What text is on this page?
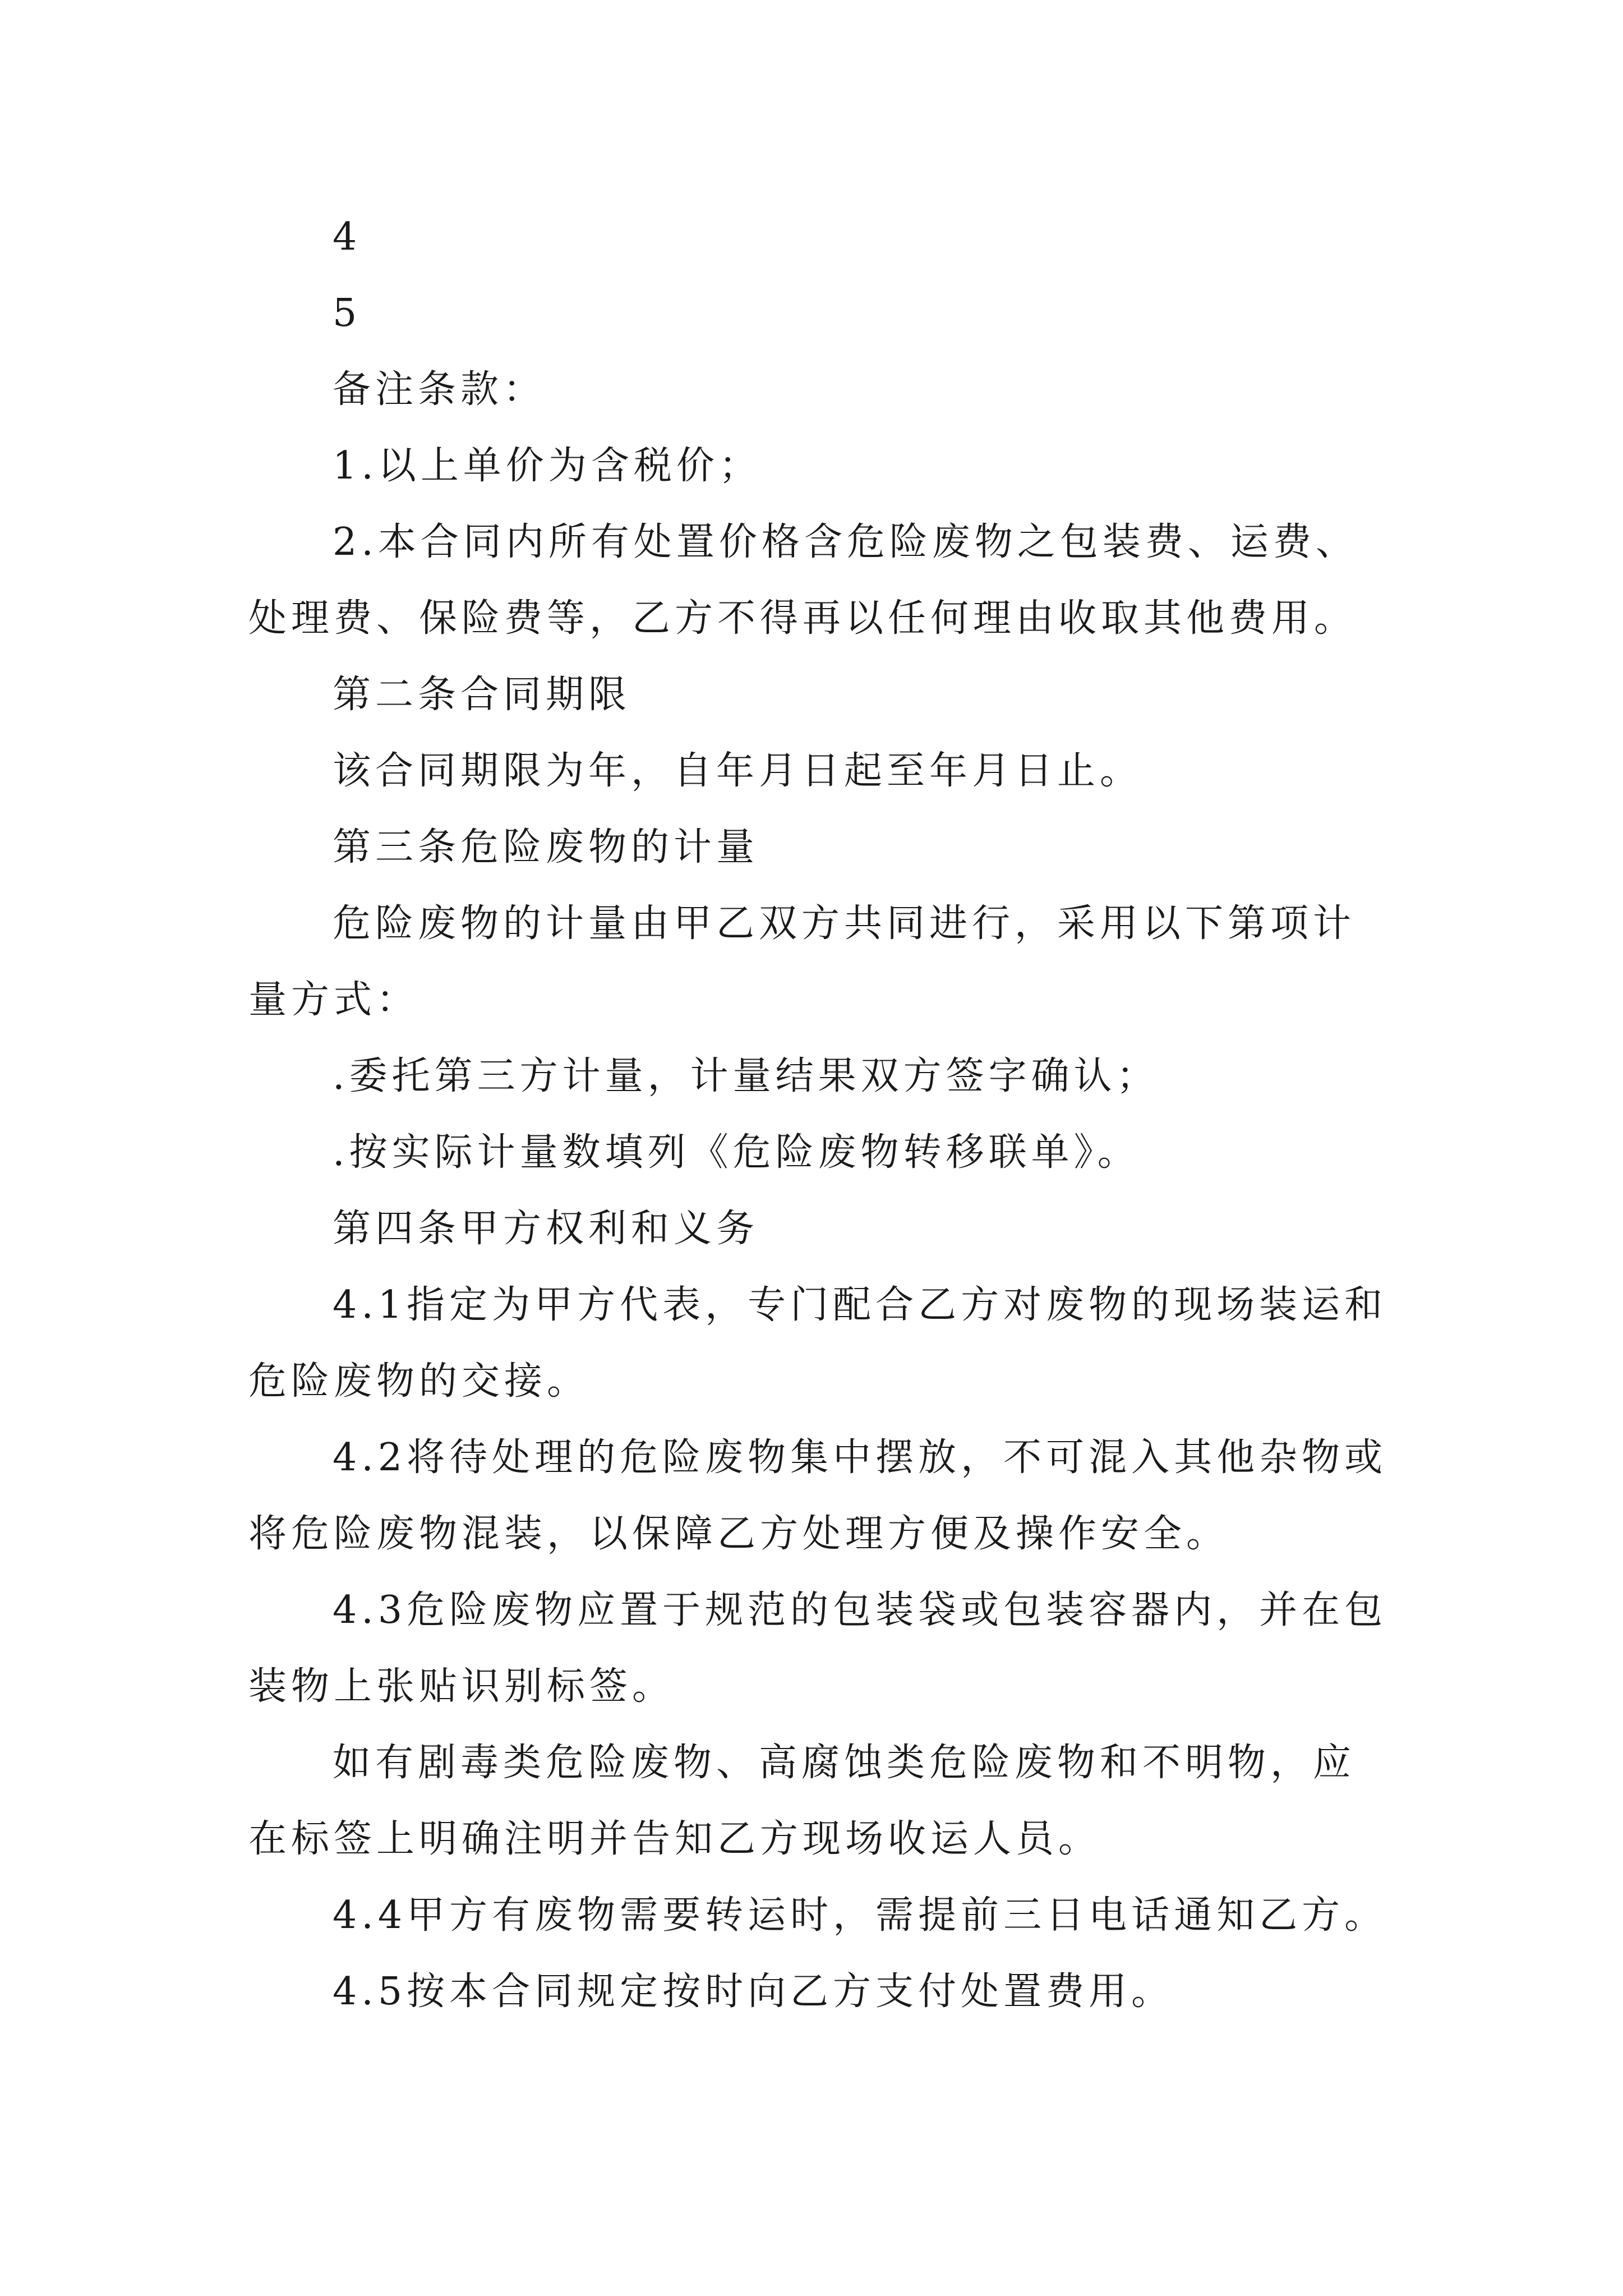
4

5

备注条款：

1.以上单价为含税价；

2.本合同内所有处置价格含危险废物之包装费、运费、处理费、保险费等，乙方不得再以任何理由收取其他费用。

第二条合同期限

该合同期限为年，自年月日起至年月日止。

第三条危险废物的计量

危险废物的计量由甲乙双方共同进行，采用以下第项计量方式：

.委托第三方计量，计量结果双方签字确认；

.按实际计量数填列《危险废物转移联单》。

第四条甲方权利和义务

4.1指定为甲方代表，专门配合乙方对废物的现场装运和危险废物的交接。

4.2将待处理的危险废物集中摆放，不可混入其他杂物或将危险废物混装，以保障乙方处理方便及操作安全。

4.3危险废物应置于规范的包装袋或包装容器内，并在包装物上张贴识别标签。

如有剧毒类危险废物、高腐蚀类危险废物和不明物，应在标签上明确注明并告知乙方现场收运人员。

4.4甲方有废物需要转运时，需提前三日电话通知乙方。

4.5按本合同规定按时向乙方支付处置费用。
